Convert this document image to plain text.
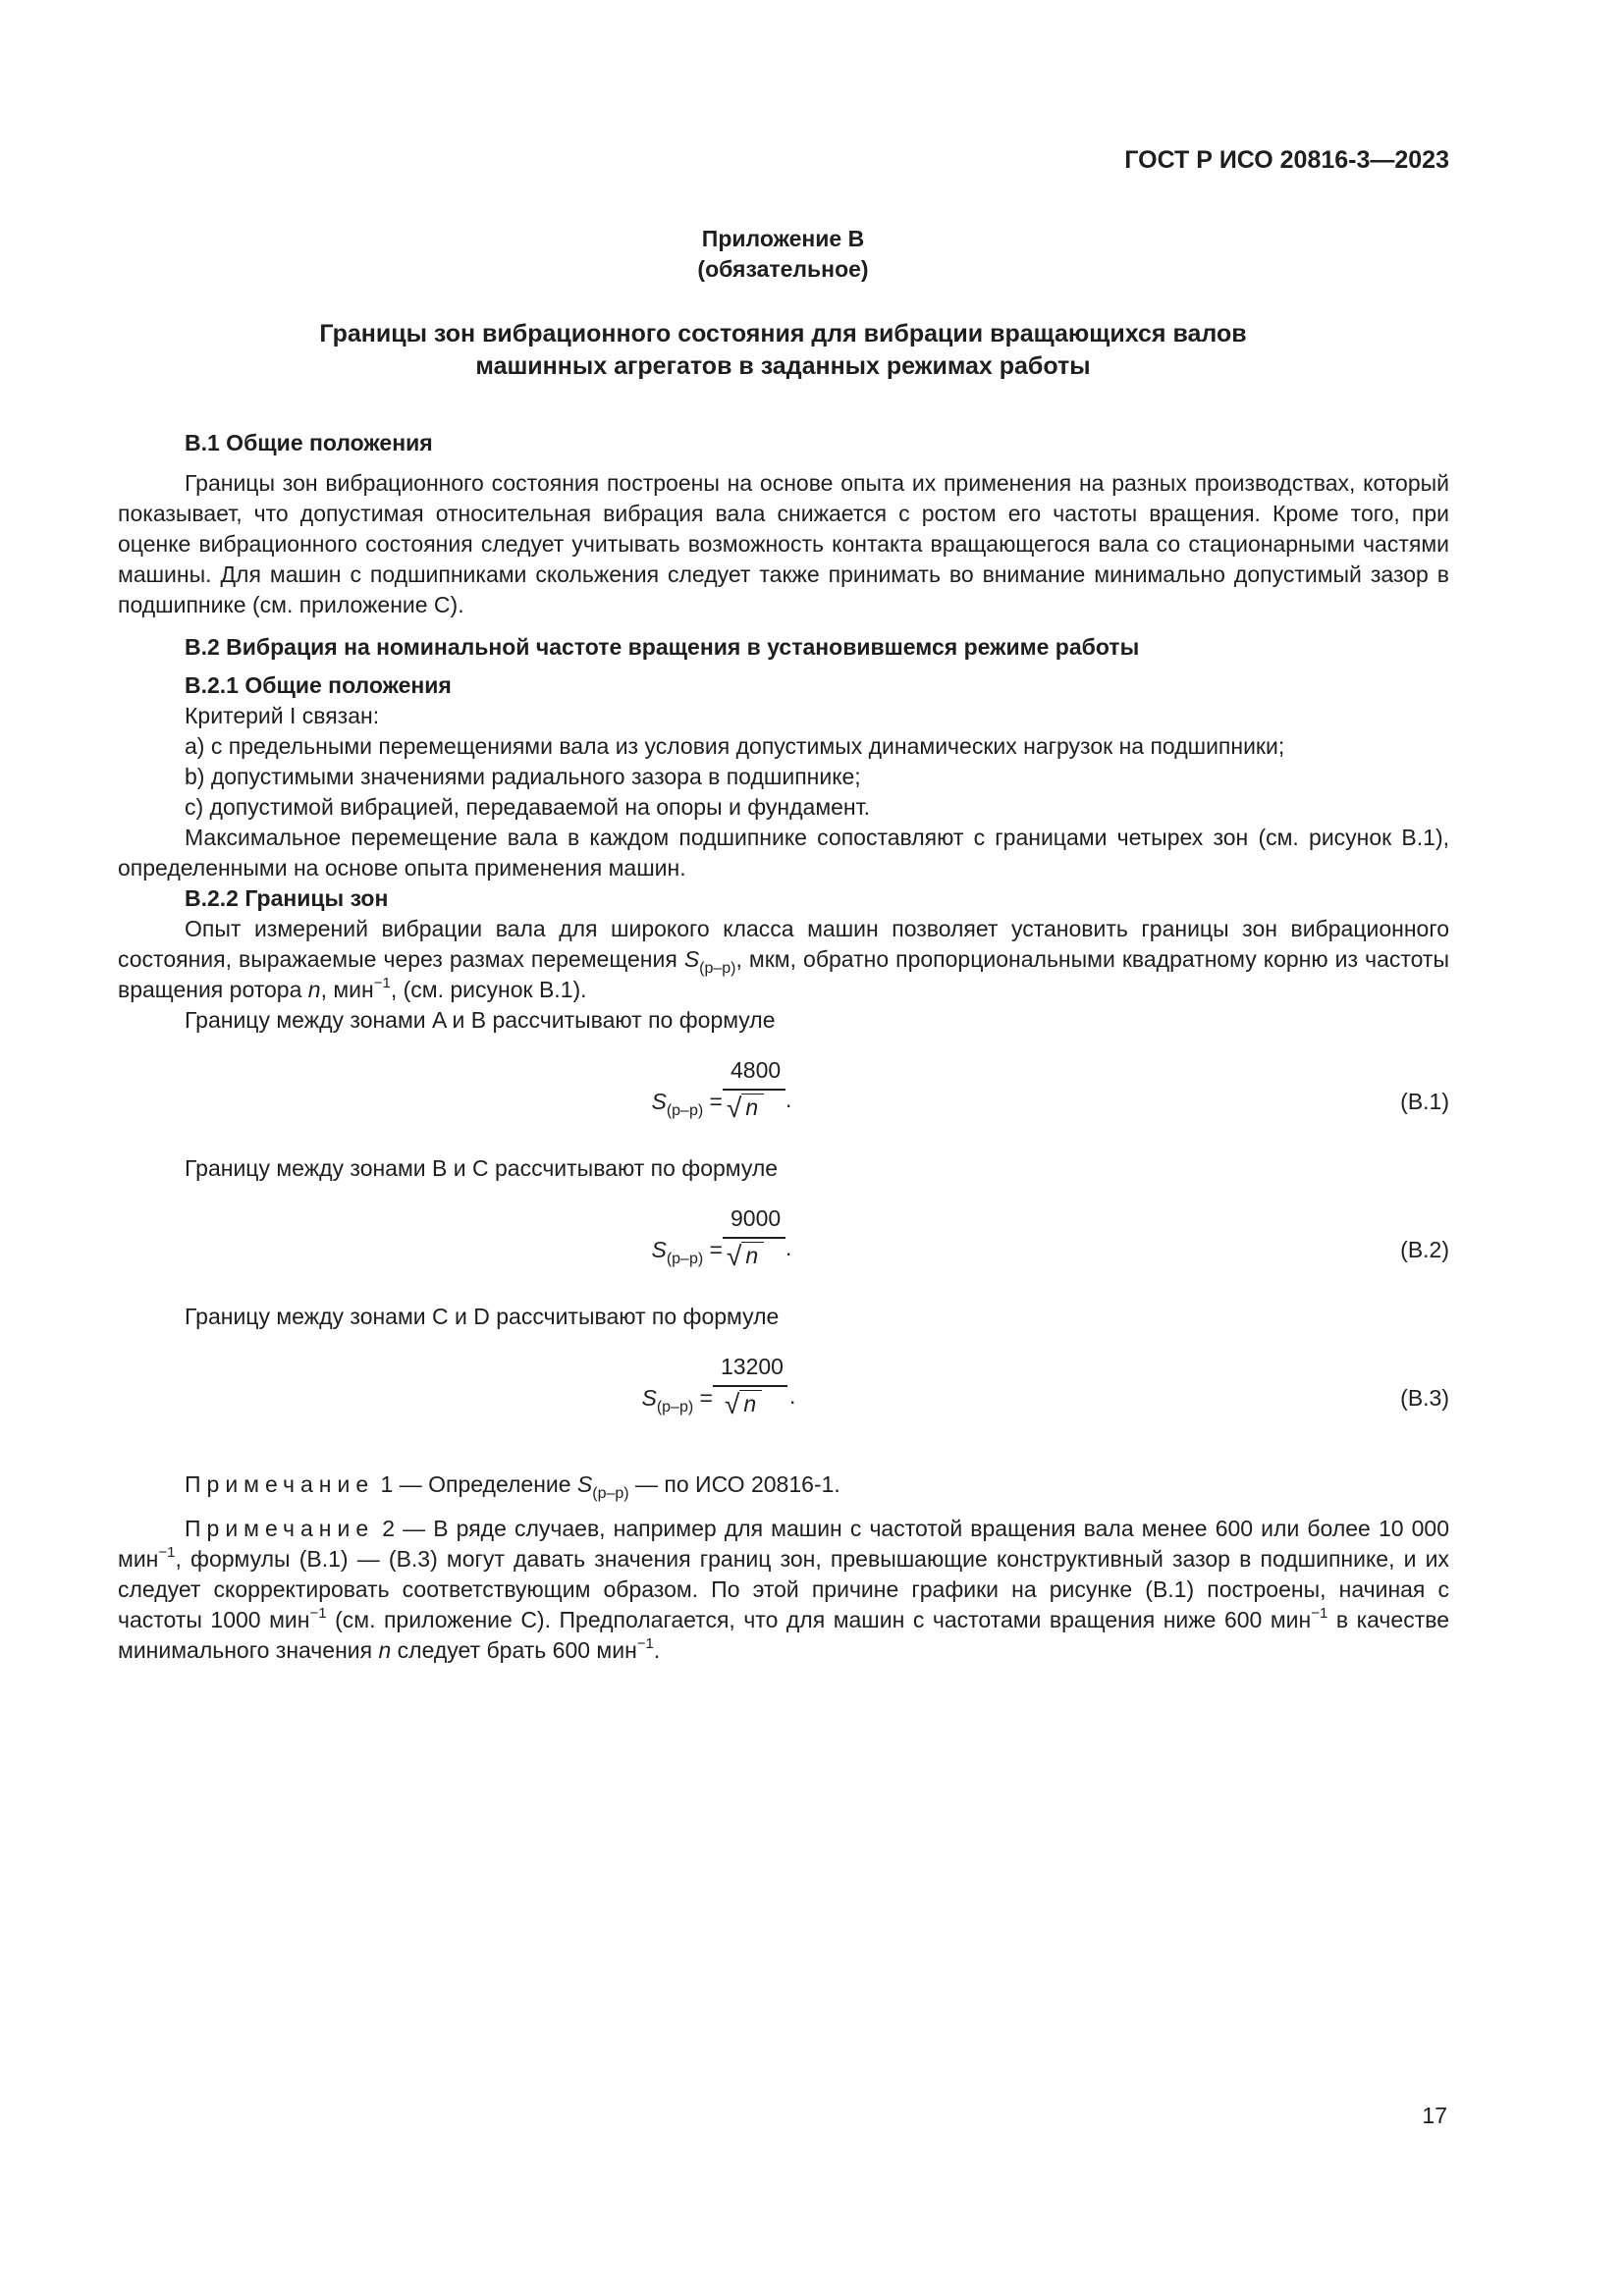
ГОСТ Р ИСО 20816-3—2023
Приложение B
(обязательное)
Границы зон вибрационного состояния для вибрации вращающихся валов
машинных агрегатов в заданных режимах работы
B.1 Общие положения

Границы зон вибрационного состояния построены на основе опыта их применения на разных производствах, который показывает, что допустимая относительная вибрация вала снижается с ростом его частоты вращения. Кроме того, при оценке вибрационного состояния следует учитывать возможность контакта вращающегося вала со стационарными частями машины. Для машин с подшипниками скольжения следует также принимать во внимание минимально допустимый зазор в подшипнике (см. приложение C).

B.2 Вибрация на номинальной частоте вращения в установившемся режиме работы
B.2.1 Общие положения

Критерий I связан:

a) с предельными перемещениями вала из условия допустимых динамических нагрузок на подшипники;

b) допустимыми значениями радиального зазора в подшипнике;

c) допустимой вибрацией, передаваемой на опоры и фундамент.

Максимальное перемещение вала в каждом подшипнике сопоставляют с границами четырех зон (см. рисунок B.1), определенными на основе опыта применения машин.

B.2.2 Границы зон

Опыт измерений вибрации вала для широкого класса машин позволяет установить границы зон вибрационного состояния, выражаемые через размах перемещения $S_{(p-p)}$, мкм, обратно пропорциональными квадратному корню из частоты вращения ротора n, мин$^{-1}$, (см. рисунок B.1).

Границу между зонами A и B рассчитывают по формуле

$S_{(p-p)}$ =
4800
√ n	.	(B.1)

Границу между зонами B и C рассчитывают по формуле

$S_{(p-p)}$ =
9000
√ n	.	(B.2)

Границу между зонами C и D рассчитывают по формуле

$S_{(p-p)}$ =
13200
√ n	.	(B.3)

Примечание 1 — Определение $S_{(p-p)}$ — по ИСО 20816-1.

Примечание 2 — В ряде случаев, например для машин с частотой вращения вала менее 600 или более 10 000 мин$^{-1}$, формулы (B.1) — (B.3) могут давать значения границ зон, превышающие конструктивный зазор в подшипнике, и их следует скорректировать соответствующим образом. По этой причине графики на рисунке (B.1) построены, начиная с частоты 1000 мин$^{-1}$ (см. приложение C). Предполагается, что для машин с частотами вращения ниже 600 мин$^{-1}$ в качестве минимального значения n следует брать 600 мин$^{-1}$.

17
